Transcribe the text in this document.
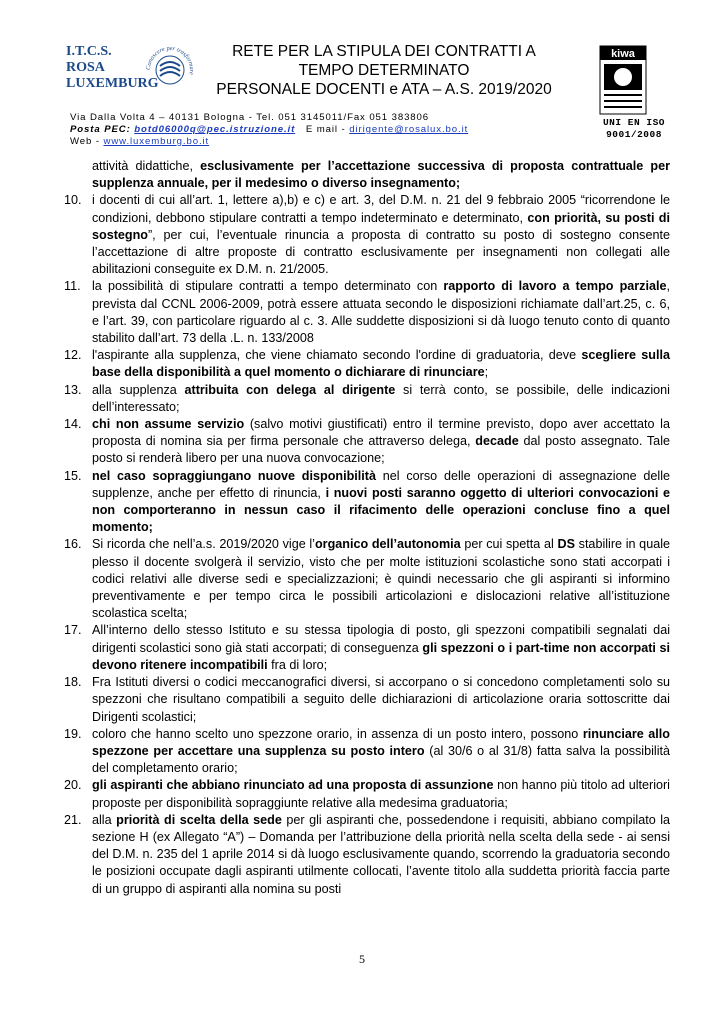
I.T.C.S.
ROSA
LUXEMBURG
Conoscere per trasformare
RETE PER LA STIPULA DEI CONTRATTI A
TEMPO DETERMINATO
PERSONALE DOCENTI e ATA – A.S. 2019/2020
kiwa
UNI EN ISO
9001/2008
Via Dalla Volta 4 – 40131 Bologna - Tel. 051 3145011/Fax 051 383806
Posta PEC: botd06000q@pec.istruzione.it E mail - dirigente@rosalux.bo.it
Web - www.luxemburg.bo.it
attività didattiche, esclusivamente per l’accettazione successiva di proposta contrattuale per supplenza annuale, per il medesimo o diverso insegnamento;
10. i docenti di cui all’art. 1, lettere a),b) e c) e art. 3, del D.M. n. 21 del 9 febbraio 2005 “ricorrendone le condizioni, debbono stipulare contratti a tempo indeterminato e determinato, con priorità, su posti di sostegno”, per cui, l’eventuale rinuncia a proposta di contratto su posto di sostegno consente l’accettazione di altre proposte di contratto esclusivamente per insegnamenti non collegati alle abilitazioni conseguite ex D.M. n. 21/2005.
11. la possibilità di stipulare contratti a tempo determinato con rapporto di lavoro a tempo parziale, prevista dal CCNL 2006-2009, potrà essere attuata secondo le disposizioni richiamate dall’art.25, c. 6, e l’art. 39, con particolare riguardo al c. 3. Alle suddette disposizioni si dà luogo tenuto conto di quanto stabilito dall’art. 73 della .L. n. 133/2008
12. l'aspirante alla supplenza, che viene chiamato secondo l'ordine di graduatoria, deve scegliere sulla base della disponibilità a quel momento o dichiarare di rinunciare;
13. alla supplenza attribuita con delega al dirigente si terrà conto, se possibile, delle indicazioni dell’interessato;
14. chi non assume servizio (salvo motivi giustificati) entro il termine previsto, dopo aver accettato la proposta di nomina sia per firma personale che attraverso delega, decade dal posto assegnato. Tale posto si renderà libero per una nuova convocazione;
15. nel caso sopraggiungano nuove disponibilità nel corso delle operazioni di assegnazione delle supplenze, anche per effetto di rinuncia, i nuovi posti saranno oggetto di ulteriori convocazioni e non comporteranno in nessun caso il rifacimento delle operazioni concluse fino a quel momento;
16. Si ricorda che nell’a.s. 2019/2020 vige l’organico dell’autonomia per cui spetta al DS stabilire in quale plesso il docente svolgerà il servizio, visto che per molte istituzioni scolastiche sono stati accorpati i codici relativi alle diverse sedi e specializzazioni; è quindi necessario che gli aspiranti si informino preventivamente e per tempo circa le possibili articolazioni e dislocazioni relative all’istituzione scolastica scelta;
17. All’interno dello stesso Istituto e su stessa tipologia di posto, gli spezzoni compatibili segnalati dai dirigenti scolastici sono già stati accorpati; di conseguenza gli spezzoni o i part-time non accorpati si devono ritenere incompatibili fra di loro;
18. Fra Istituti diversi o codici meccanografici diversi, si accorpano o si concedono completamenti solo su spezzoni che risultano compatibili a seguito delle dichiarazioni di articolazione oraria sottoscritte dai Dirigenti scolastici;
19. coloro che hanno scelto uno spezzone orario, in assenza di un posto intero, possono rinunciare allo spezzone per accettare una supplenza su posto intero (al 30/6 o al 31/8) fatta salva la possibilità del completamento orario;
20. gli aspiranti che abbiano rinunciato ad una proposta di assunzione non hanno più titolo ad ulteriori proposte per disponibilità sopraggiunte relative alla medesima graduatoria;
21. alla priorità di scelta della sede per gli aspiranti che, possedendone i requisiti, abbiano compilato la sezione H (ex Allegato “A”) – Domanda per l’attribuzione della priorità nella scelta della sede - ai sensi del D.M. n. 235 del 1 aprile 2014 si dà luogo esclusivamente quando, scorrendo la graduatoria secondo le posizioni occupate dagli aspiranti utilmente collocati, l’avente titolo alla suddetta priorità faccia parte di un gruppo di aspiranti alla nomina su posti
5
